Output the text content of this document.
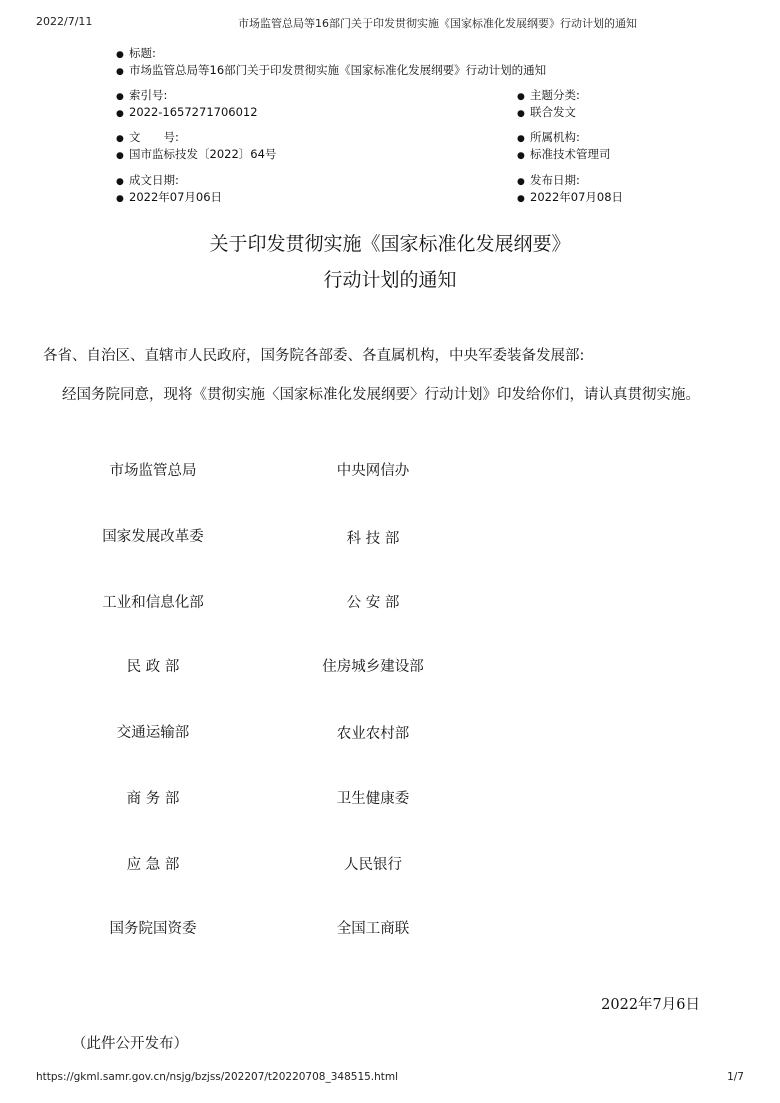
2022/7/11	市场监管总局等16部门关于印发贯彻实施《国家标准化发展纲要》行动计划的通知
● 标题:
● 市场监管总局等16部门关于印发贯彻实施《国家标准化发展纲要》行动计划的通知
● 索引号:
● 2022-1657271706012
● 主题分类:
● 联合发文
● 文　　号:
● 国市监标技发〔2022〕64号
● 所属机构:
● 标准技术管理司
● 成文日期:
● 2022年07月06日
● 发布日期:
● 2022年07月08日
关于印发贯彻实施《国家标准化发展纲要》
行动计划的通知
各省、自治区、直辖市人民政府，国务院各部委、各直属机构，中央军委装备发展部:
经国务院同意，现将《贯彻实施〈国家标准化发展纲要〉行动计划》印发给你们，请认真贯彻实施。
市场监管总局	中央网信办
国家发展改革委	科 技 部
工业和信息化部	公 安 部
民 政 部	住房城乡建设部
交通运输部	农业农村部
商 务 部	卫生健康委
应 急 部	人民银行
国务院国资委	全国工商联
2022年7月6日
（此件公开发布）
https://gkml.samr.gov.cn/nsjg/bzjss/202207/t20220708_348515.html	1/7
